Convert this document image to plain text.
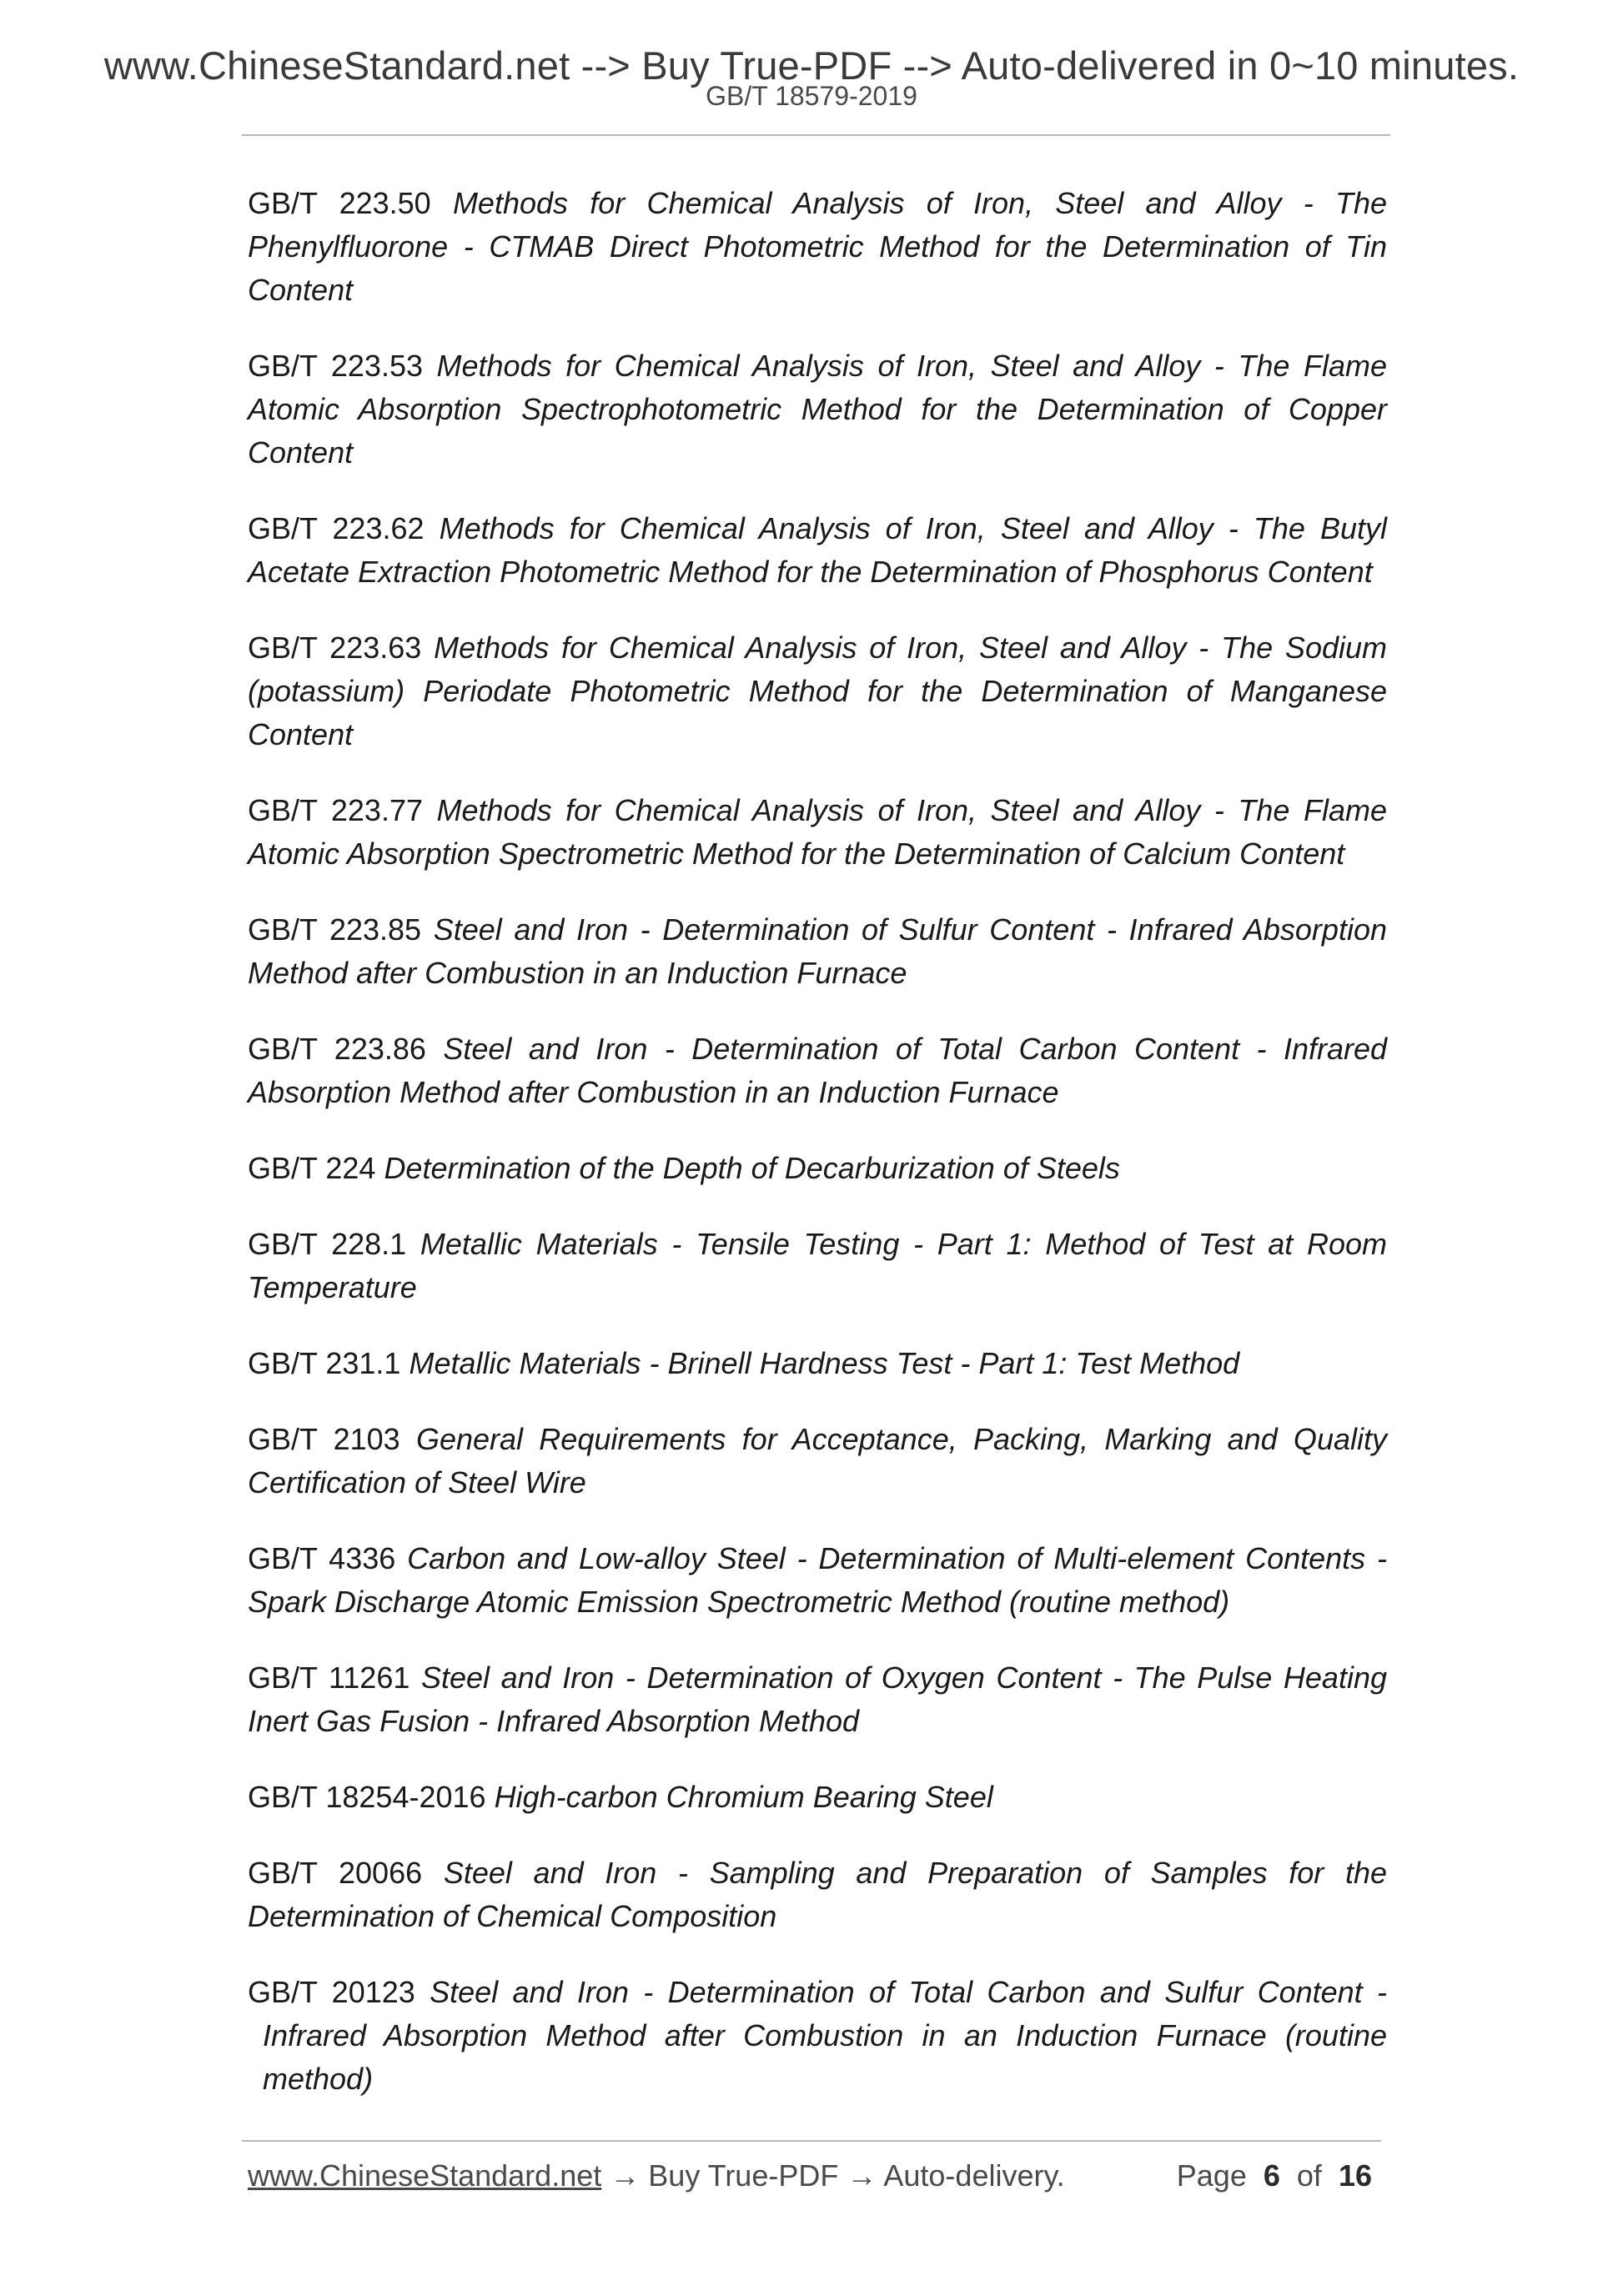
www.ChineseStandard.net --> Buy True-PDF --> Auto-delivered in 0~10 minutes.
GB/T 18579-2019
GB/T 223.50 Methods for Chemical Analysis of Iron, Steel and Alloy - The Phenylfluorone - CTMAB Direct Photometric Method for the Determination of Tin Content
GB/T 223.53 Methods for Chemical Analysis of Iron, Steel and Alloy - The Flame Atomic Absorption Spectrophotometric Method for the Determination of Copper Content
GB/T 223.62 Methods for Chemical Analysis of Iron, Steel and Alloy - The Butyl Acetate Extraction Photometric Method for the Determination of Phosphorus Content
GB/T 223.63 Methods for Chemical Analysis of Iron, Steel and Alloy - The Sodium (potassium) Periodate Photometric Method for the Determination of Manganese Content
GB/T 223.77 Methods for Chemical Analysis of Iron, Steel and Alloy - The Flame Atomic Absorption Spectrometric Method for the Determination of Calcium Content
GB/T 223.85 Steel and Iron - Determination of Sulfur Content - Infrared Absorption Method after Combustion in an Induction Furnace
GB/T 223.86 Steel and Iron - Determination of Total Carbon Content - Infrared Absorption Method after Combustion in an Induction Furnace
GB/T 224 Determination of the Depth of Decarburization of Steels
GB/T 228.1 Metallic Materials - Tensile Testing - Part 1: Method of Test at Room Temperature
GB/T 231.1 Metallic Materials - Brinell Hardness Test - Part 1: Test Method
GB/T 2103 General Requirements for Acceptance, Packing, Marking and Quality Certification of Steel Wire
GB/T 4336 Carbon and Low-alloy Steel - Determination of Multi-element Contents - Spark Discharge Atomic Emission Spectrometric Method (routine method)
GB/T 11261 Steel and Iron - Determination of Oxygen Content - The Pulse Heating Inert Gas Fusion - Infrared Absorption Method
GB/T 18254-2016 High-carbon Chromium Bearing Steel
GB/T 20066 Steel and Iron - Sampling and Preparation of Samples for the Determination of Chemical Composition
GB/T 20123 Steel and Iron - Determination of Total Carbon and Sulfur Content - Infrared Absorption Method after Combustion in an Induction Furnace (routine method)
www.ChineseStandard.net → Buy True-PDF → Auto-delivery.	Page 6 of 16
